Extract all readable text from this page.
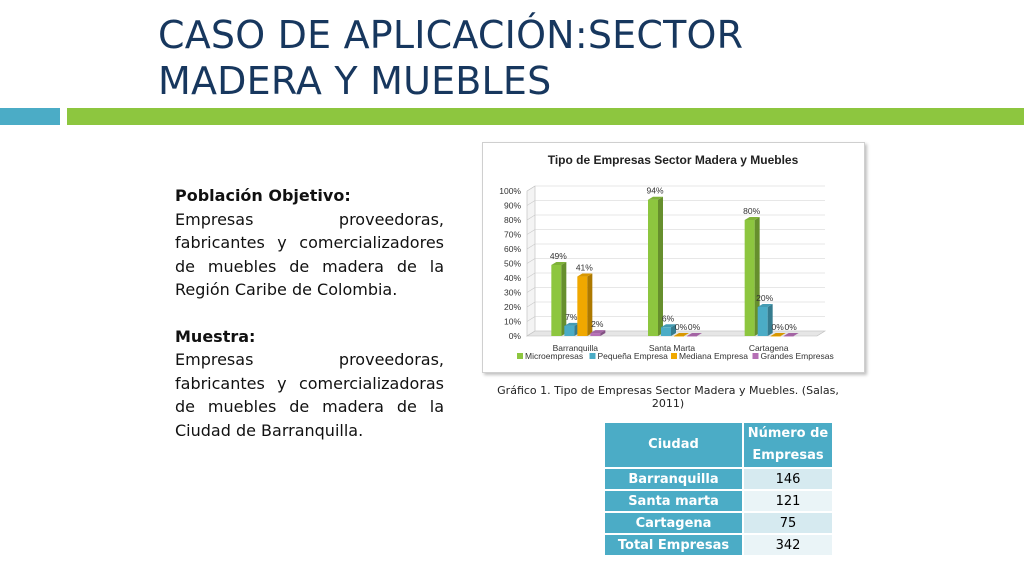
CASO DE APLICACIÓN:SECTOR
MADERA Y MUEBLES

Población Objetivo:

Empresas proveedoras, fabricantes y comercializadores de muebles de madera de la Región Caribe de Colombia.

Muestra:

Empresas proveedoras, fabricantes y comercializadoras de muebles de madera de la Ciudad de Barranquilla.

Tipo de Empresas Sector Madera y Muebles
0%
10%
20%
30%
40%
50%
60%
70%
80%
90%
100%
49%
7%
41%
2%
Barranquilla
94%
6%
0% 0%
Santa Marta
80%
20%
0% 0%
Cartagena
Microempresas Pequeña Empresa Mediana Empresa Grandes Empresas
Gráfico 1. Tipo de Empresas Sector Madera y Muebles. (Salas, 2011)
Ciudad	Número de Empresas
Barranquilla	146
Santa marta	121
Cartagena	75
Total Empresas	342
